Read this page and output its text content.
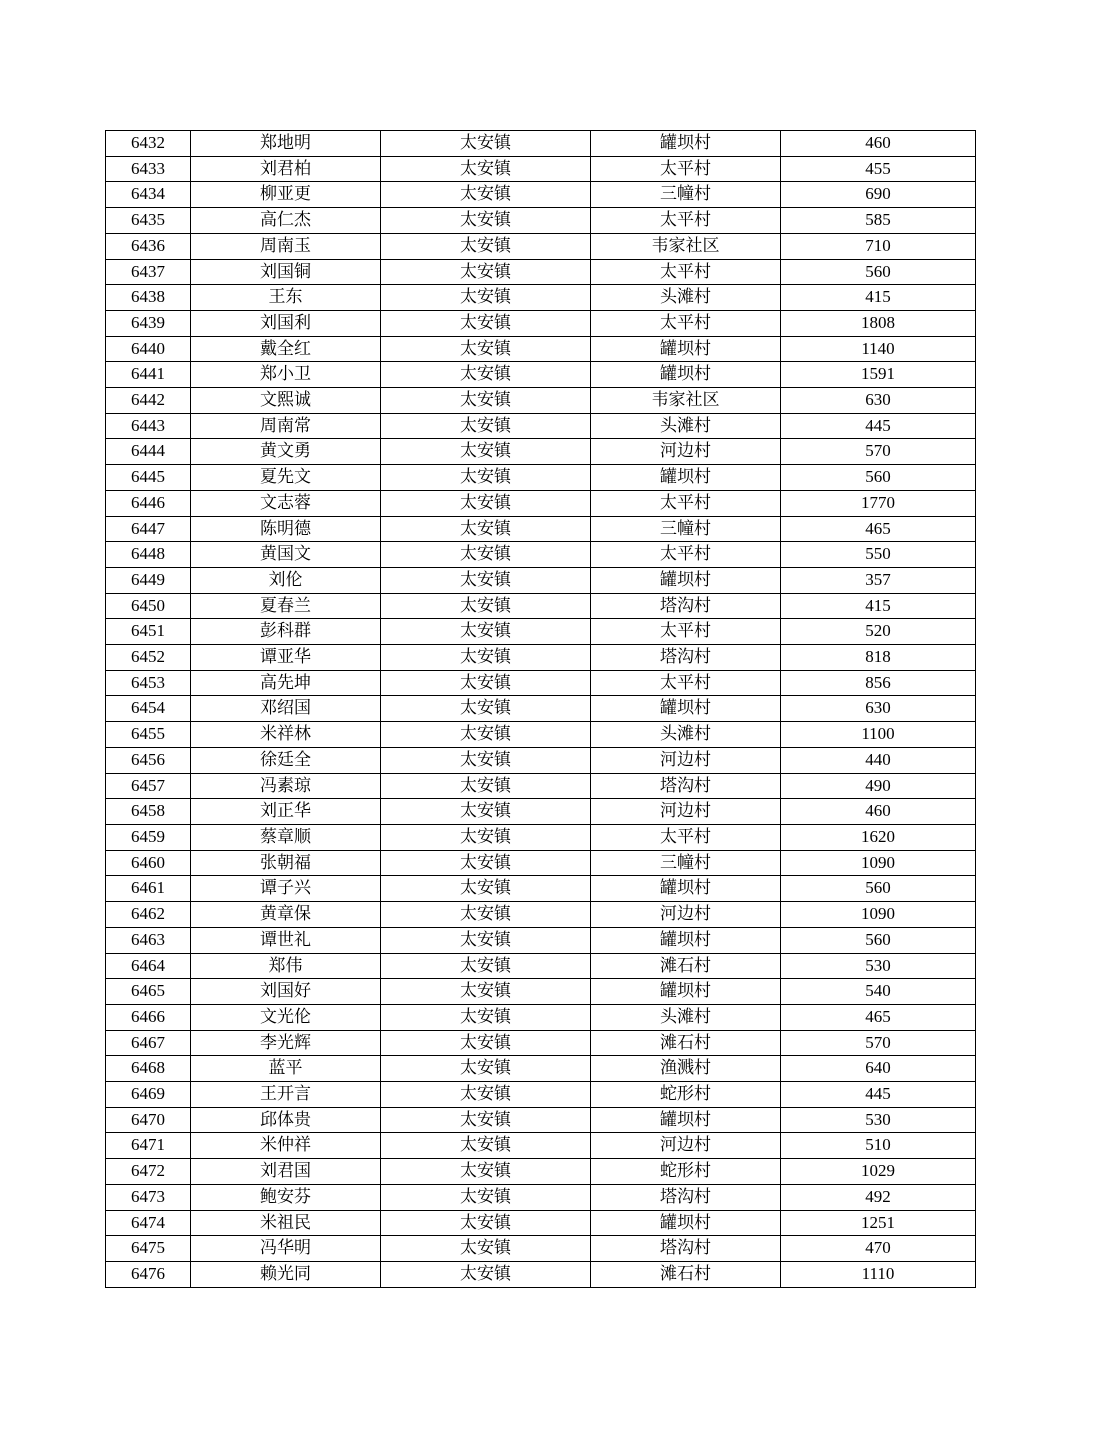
6432	郑地明	太安镇	罐坝村	460
6433	刘君柏	太安镇	太平村	455
6434	柳亚更	太安镇	三幢村	690
6435	高仁杰	太安镇	太平村	585
6436	周南玉	太安镇	韦家社区	710
6437	刘国铜	太安镇	太平村	560
6438	王东	太安镇	头滩村	415
6439	刘国利	太安镇	太平村	1808
6440	戴全红	太安镇	罐坝村	1140
6441	郑小卫	太安镇	罐坝村	1591
6442	文熙诚	太安镇	韦家社区	630
6443	周南常	太安镇	头滩村	445
6444	黄文勇	太安镇	河边村	570
6445	夏先文	太安镇	罐坝村	560
6446	文志蓉	太安镇	太平村	1770
6447	陈明德	太安镇	三幢村	465
6448	黄国文	太安镇	太平村	550
6449	刘伦	太安镇	罐坝村	357
6450	夏春兰	太安镇	塔沟村	415
6451	彭科群	太安镇	太平村	520
6452	谭亚华	太安镇	塔沟村	818
6453	高先坤	太安镇	太平村	856
6454	邓绍国	太安镇	罐坝村	630
6455	米祥林	太安镇	头滩村	1100
6456	徐廷全	太安镇	河边村	440
6457	冯素琼	太安镇	塔沟村	490
6458	刘正华	太安镇	河边村	460
6459	蔡章顺	太安镇	太平村	1620
6460	张朝福	太安镇	三幢村	1090
6461	谭子兴	太安镇	罐坝村	560
6462	黄章保	太安镇	河边村	1090
6463	谭世礼	太安镇	罐坝村	560
6464	郑伟	太安镇	滩石村	530
6465	刘国好	太安镇	罐坝村	540
6466	文光伦	太安镇	头滩村	465
6467	李光辉	太安镇	滩石村	570
6468	蓝平	太安镇	渔溅村	640
6469	王开言	太安镇	蛇形村	445
6470	邱体贵	太安镇	罐坝村	530
6471	米仲祥	太安镇	河边村	510
6472	刘君国	太安镇	蛇形村	1029
6473	鲍安芬	太安镇	塔沟村	492
6474	米祖民	太安镇	罐坝村	1251
6475	冯华明	太安镇	塔沟村	470
6476	赖光同	太安镇	滩石村	1110
